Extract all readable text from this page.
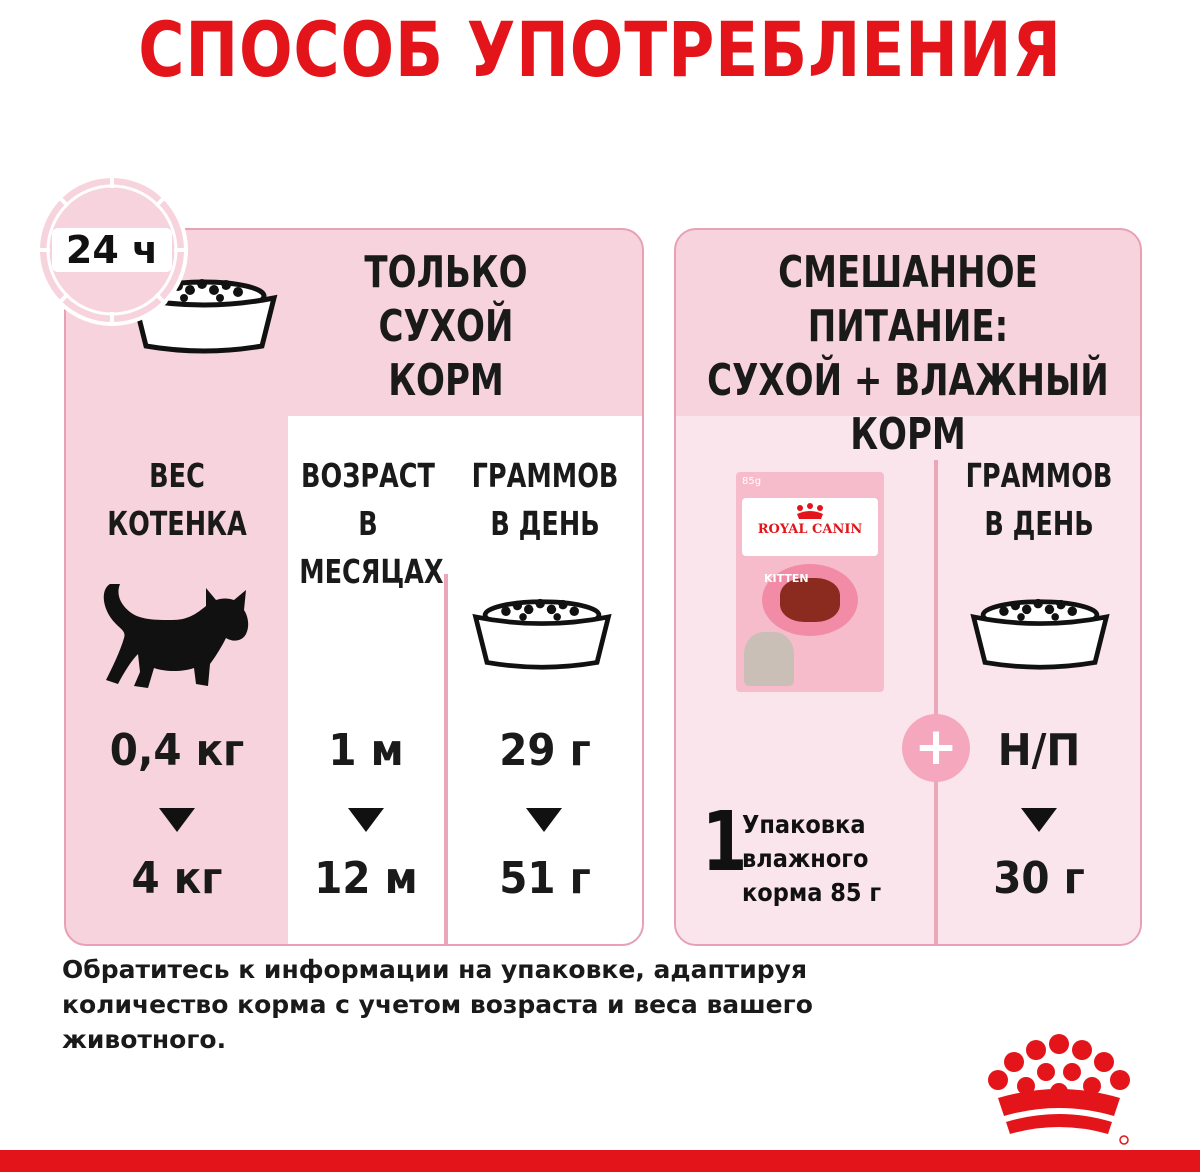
СПОСОБ УПОТРЕБЛЕНИЯ
ТОЛЬКО
СУХОЙ
КОРМ
ВЕС
КОТЕНКА
ВОЗРАСТ В
МЕСЯЦАХ
ГРАММОВ
В ДЕНЬ
0,4 кг
4 кг
1 м
12 м
29 г
51 г
24 ч	СМЕШАННОЕ ПИТАНИЕ:
СУХОЙ + ВЛАЖНЫЙ
КОРМ
85g
ROYAL CANIN
KITTEN
1
Упаковка
влажного
корма 85 г
ГРАММОВ
В ДЕНЬ
+ Н/П
30 г
Обратитесь к информации на упаковке, адаптируя
количество корма с учетом возраста и веса вашего
животного.
